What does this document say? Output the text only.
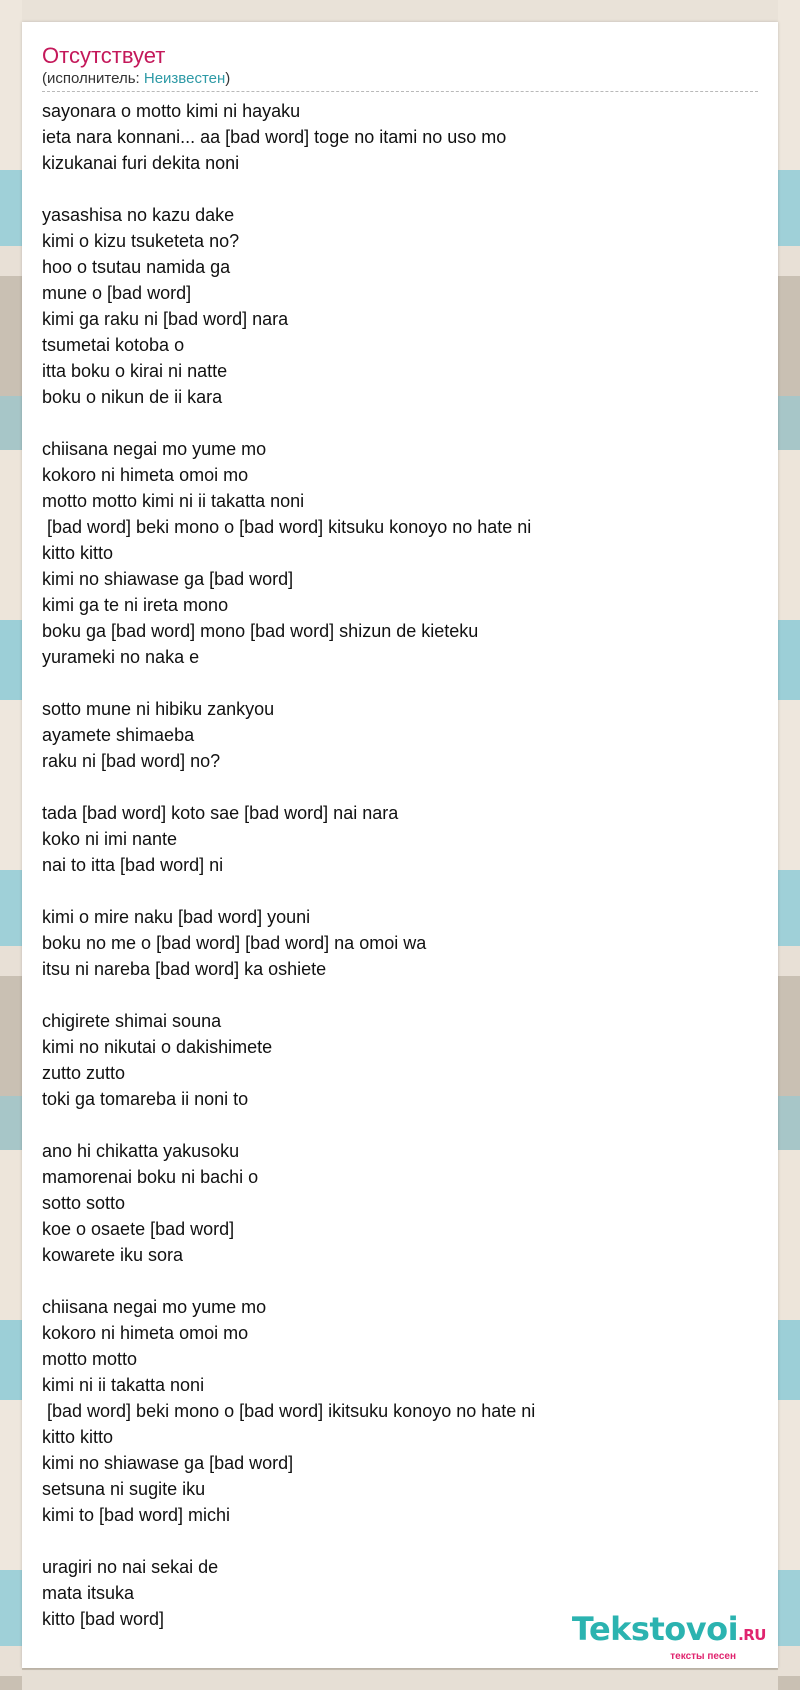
Отсутствует
(исполнитель: Неизвестен)
sayonara o motto kimi ni hayaku
ieta nara konnani... aa [bad word] toge no itami no uso mo
kizukanai furi dekita noni

yasashisa no kazu dake
kimi o kizu tsuketeta no?
hoo o tsutau namida ga
mune o [bad word]
kimi ga raku ni [bad word] nara
tsumetai kotoba o
itta boku o kirai ni natte
boku o nikun de ii kara

chiisana negai mo yume mo
kokoro ni himeta omoi mo
motto motto kimi ni ii takatta noni
[bad word] beki mono o [bad word] kitsuku konoyo no hate ni
kitto kitto
kimi no shiawase ga [bad word]
kimi ga te ni ireta mono
boku ga [bad word] mono [bad word] shizun de kieteku
yurameki no naka e

sotto mune ni hibiku zankyou
ayamete shimaeba
raku ni [bad word] no?

tada [bad word] koto sae [bad word] nai nara
koko ni imi nante
nai to itta [bad word] ni

kimi o mire naku [bad word] youni
boku no me o [bad word] [bad word] na omoi wa
itsu ni nareba [bad word] ka oshiete

chigirete shimai souna
kimi no nikutai o dakishimete
zutto zutto
toki ga tomareba ii noni to

ano hi chikatta yakusoku
mamorenai boku ni bachi o
sotto sotto
koe o osaete [bad word]
kowarete iku sora

chiisana negai mo yume mo
kokoro ni himeta omoi mo
motto motto
kimi ni ii takatta noni
[bad word] beki mono o [bad word] ikitsuku konoyo no hate ni
kitto kitto
kimi no shiawase ga [bad word]
setsuna ni sugite iku
kimi to [bad word] michi

uragiri no nai sekai de
mata itsuka
kitto [bad word]	Tekstovoi.RU
тексты песен
